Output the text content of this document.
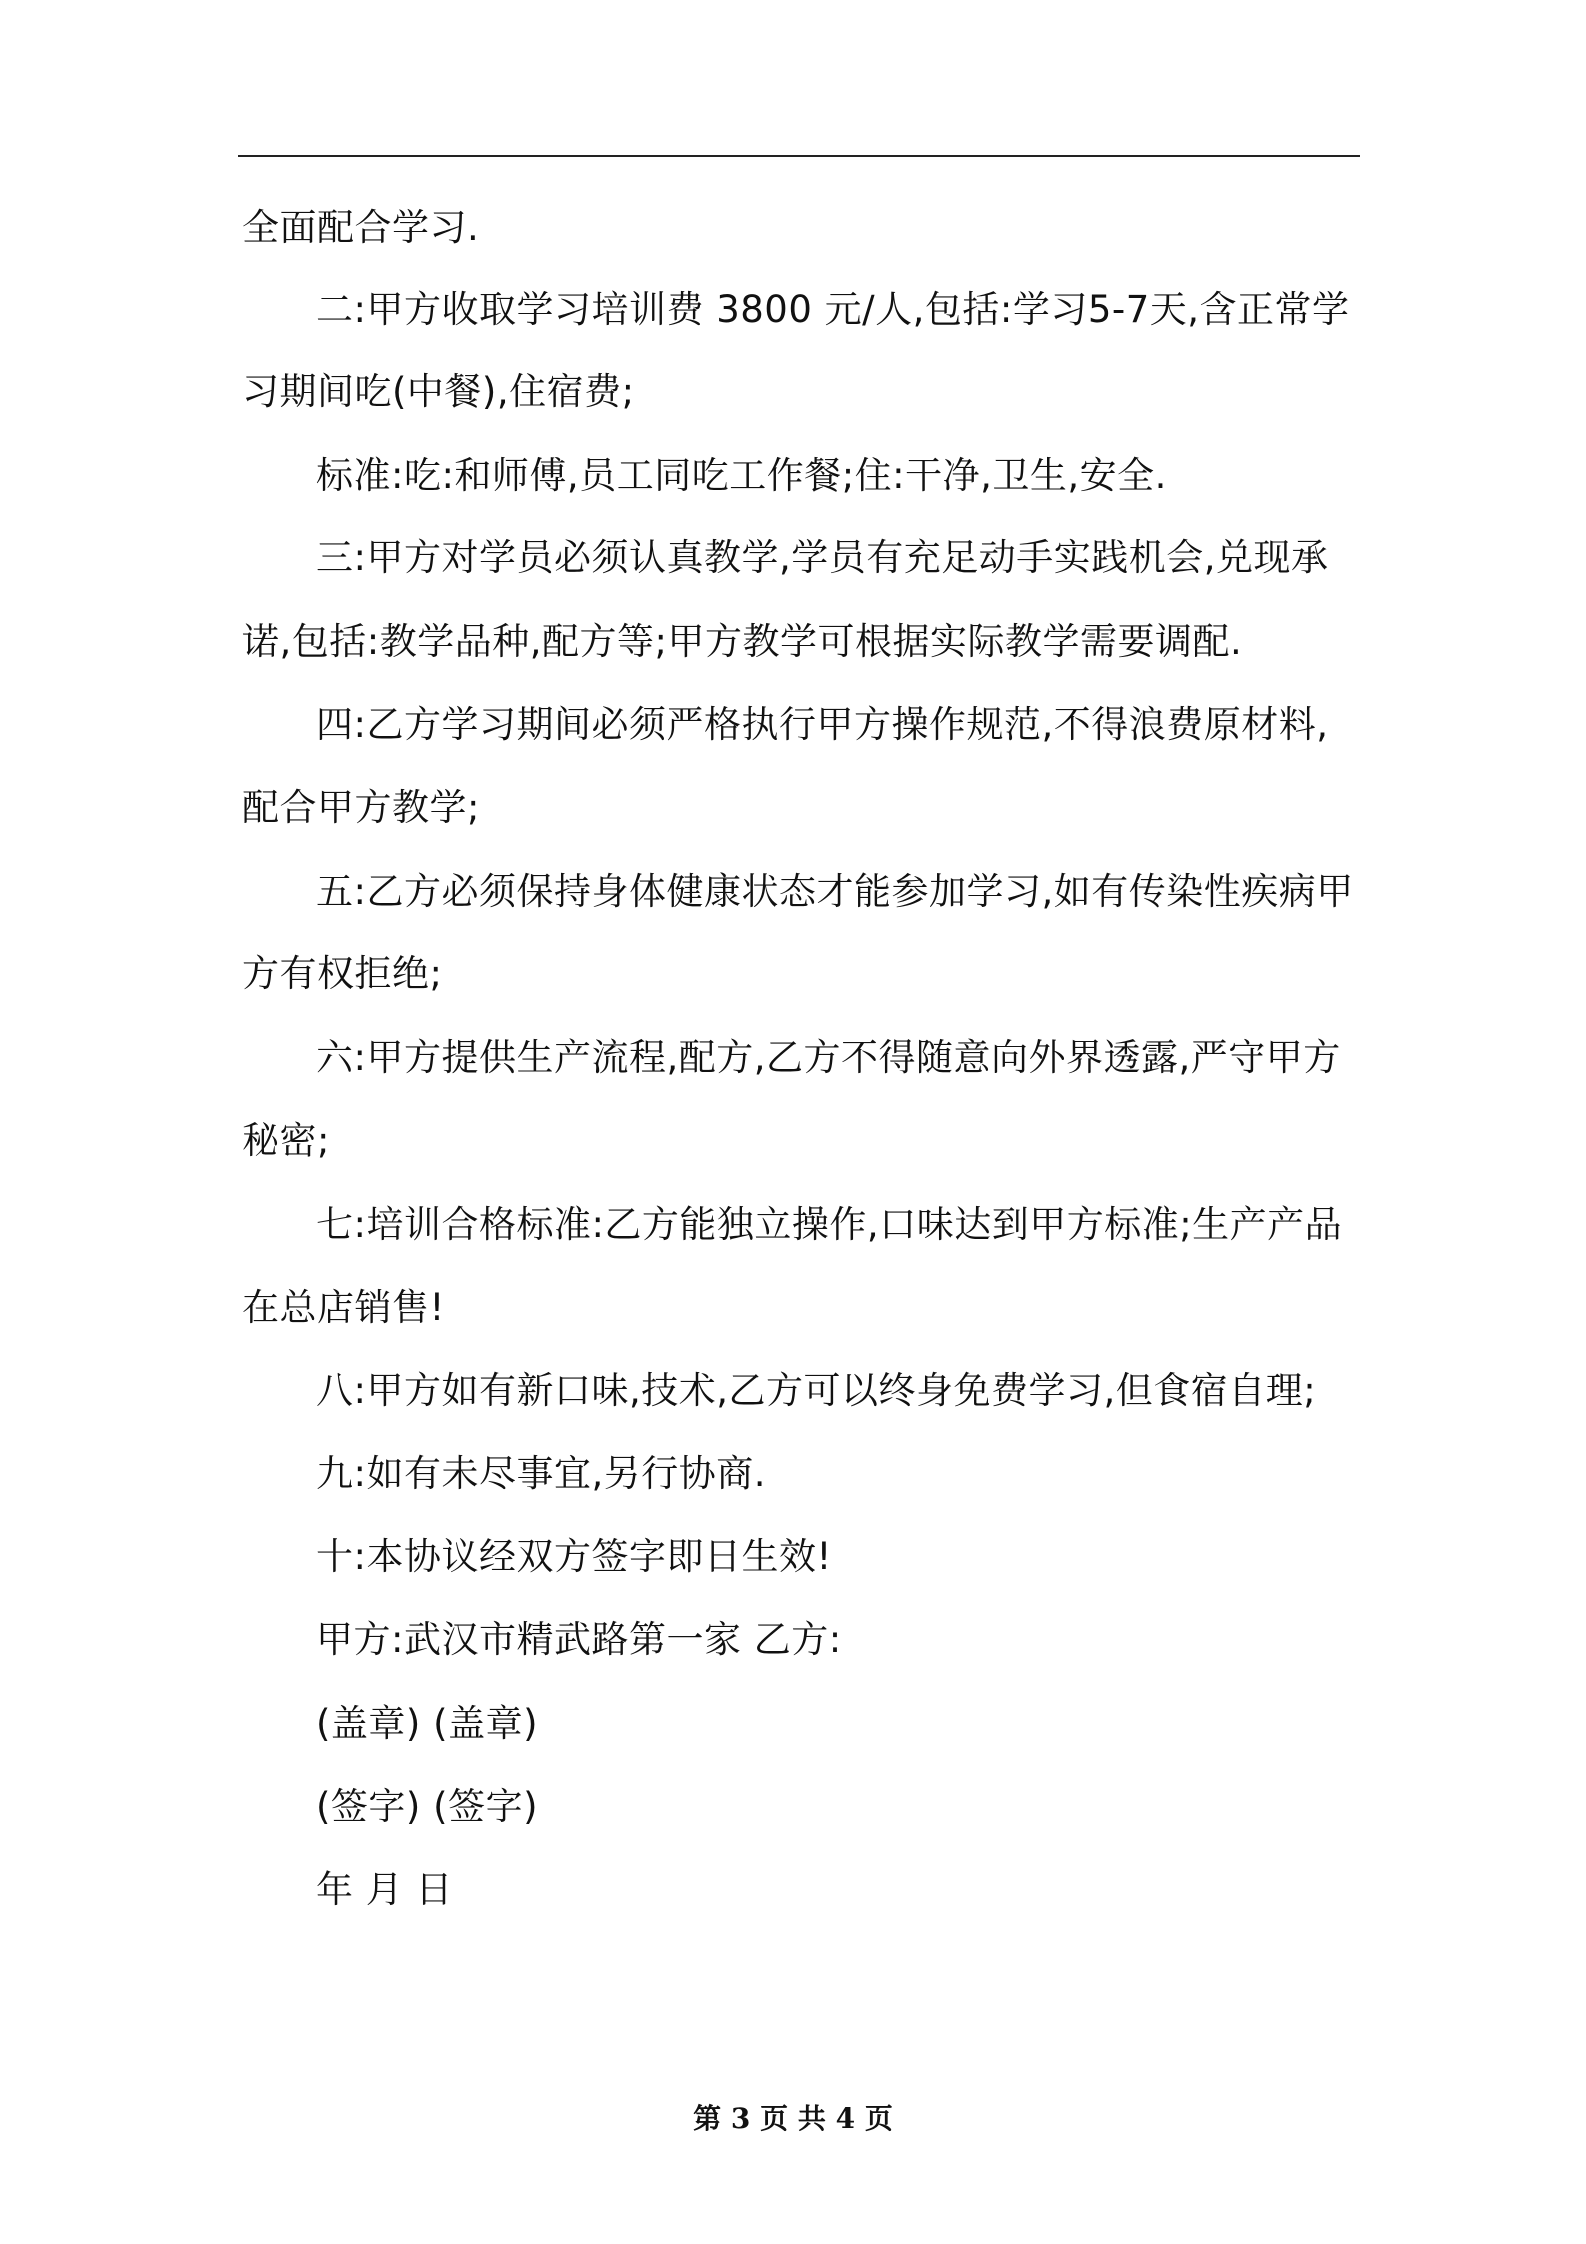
全面配合学习.
二:甲方收取学习培训费 3800 元/人,包括:学习5-7天,含正常学
习期间吃(中餐),住宿费;
标准:吃:和师傅,员工同吃工作餐;住:干净,卫生,安全.
三:甲方对学员必须认真教学,学员有充足动手实践机会,兑现承
诺,包括:教学品种,配方等;甲方教学可根据实际教学需要调配.
四:乙方学习期间必须严格执行甲方操作规范,不得浪费原材料,
配合甲方教学;
五:乙方必须保持身体健康状态才能参加学习,如有传染性疾病甲
方有权拒绝;
六:甲方提供生产流程,配方,乙方不得随意向外界透露,严守甲方
秘密;
七:培训合格标准:乙方能独立操作,口味达到甲方标准;生产产品
在总店销售!
八:甲方如有新口味,技术,乙方可以终身免费学习,但食宿自理;
九:如有未尽事宜,另行协商.
十:本协议经双方签字即日生效!
甲方:武汉市精武路第一家 乙方:
(盖章) (盖章)
(签字) (签字)
年 月 日
第 3 页 共 4 页
